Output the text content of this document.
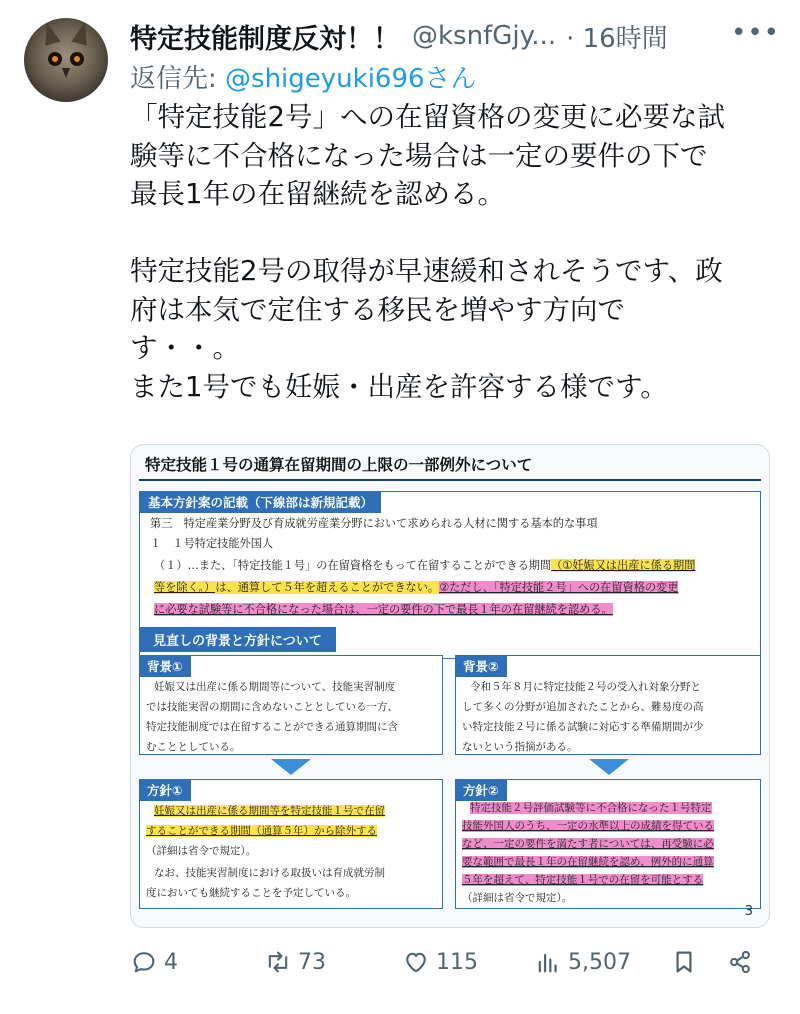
特定技能制度反対！！ @ksnfGjy... · 16時間 •••
返信先: @shigeyuki696さん

「特定技能2号」への在留資格の変更に必要な試

験等に不合格になった場合は一定の要件の下で

最長1年の在留継続を認める。

特定技能2号の取得が早速緩和されそうです、政

府は本気で定住する移民を増やす方向で

す・・。

また1号でも妊娠・出産を許容する様です。

特定技能１号の通算在留期間の上限の一部例外について
基本方針案の記載（下線部は新規記載）
第三　特定産業分野及び育成就労産業分野において求められる人材に関する基本的な事項
１　１号特定技能外国人
（１）…また、「特定技能１号」の在留資格をもって在留することができる期間（①妊娠又は出産に係る期間
等を除く。）は、通算して５年を超えることができない。②ただし、「特定技能２号」への在留資格の変更
に必要な試験等に不合格になった場合は、一定の要件の下で最長１年の在留継続を認める。
見直しの背景と方針について
背景①
妊娠又は出産に係る期間等について、技能実習制度
では技能実習の期間に含めないこととしている一方、
特定技能制度では在留することができる通算期間に含
むこととしている。
背景②
令和５年８月に特定技能２号の受入れ対象分野と
して多くの分野が追加されたことから、難易度の高
い特定技能２号に係る試験に対応する準備期間が少
ないという指摘がある。
方針①
妊娠又は出産に係る期間等を特定技能１号で在留
することができる期間（通算５年）から除外する
（詳細は省令で規定）。
なお、技能実習制度における取扱いは育成就労制
度においても継続することを予定している。
方針②
特定技能２号評価試験等に不合格になった１号特定
技能外国人のうち、一定の水準以上の成績を得ている
など、一定の要件を満たす者については、再受験に必
要な範囲で最長１年の在留継続を認め、例外的に通算
５年を超えて、特定技能１号での在留を可能とする
（詳細は省令で規定）。
3
4	73	115	5,507
